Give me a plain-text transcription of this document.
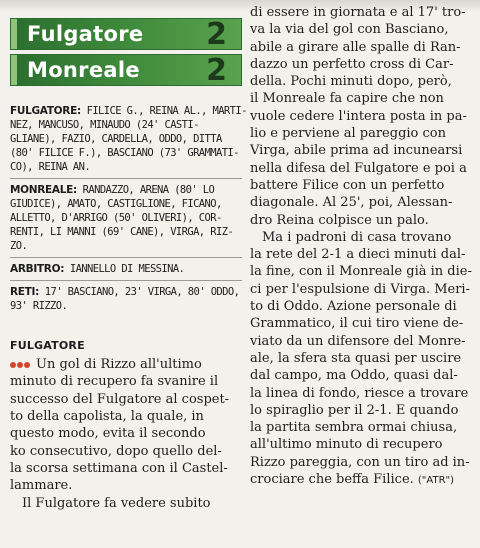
Fulgatore 2
Monreale 2
FULGATORE: FILICE G., REINA AL., MARTI-
NEZ, MANCUSO, MINAUDO (24' CASTI-
GLIANE), FAZIO, CARDELLA, ODDO, DITTA
(80' FILICE F.), BASCIANO (73' GRAMMATI-
CO), REINA AN.
MONREALE: RANDAZZO, ARENA (80' LO
GIUDICE), AMATO, CASTIGLIONE, FICANO,
ALLETTO, D'ARRIGO (50' OLIVERI), COR-
RENTI, LI MANNI (69' CANE), VIRGA, RIZ-
ZO.
ARBITRO: IANNELLO DI MESSINA.
RETI: 17' BASCIANO, 23' VIRGA, 80' ODDO,
93' RIZZO.
FULGATORE
Un gol di Rizzo all'ultimo
minuto di recupero fa svanire il
successo del Fulgatore al cospet-
to della capolista, la quale, in
questo modo, evita il secondo
ko consecutivo, dopo quello del-
la scorsa settimana con il Castel-
lammare.
Il Fulgatore fa vedere subito
di essere in giornata e al 17' tro-
va la via del gol con Basciano,
abile a girare alle spalle di Ran-
dazzo un perfetto cross di Car-
della. Pochi minuti dopo, però,
il Monreale fa capire che non
vuole cedere l'intera posta in pa-
lio e perviene al pareggio con
Virga, abile prima ad incunearsi
nella difesa del Fulgatore e poi a
battere Filice con un perfetto
diagonale. Al 25', poi, Alessan-
dro Reina colpisce un palo.
Ma i padroni di casa trovano
la rete del 2-1 a dieci minuti dal-
la fine, con il Monreale già in die-
ci per l'espulsione di Virga. Meri-
to di Oddo. Azione personale di
Grammatico, il cui tiro viene de-
viato da un difensore del Monre-
ale, la sfera sta quasi per uscire
dal campo, ma Oddo, quasi dal-
la linea di fondo, riesce a trovare
lo spiraglio per il 2-1. E quando
la partita sembra ormai chiusa,
all'ultimo minuto di recupero
Rizzo pareggia, con un tiro ad in-
crociare che beffa Filice. ("ATR")
